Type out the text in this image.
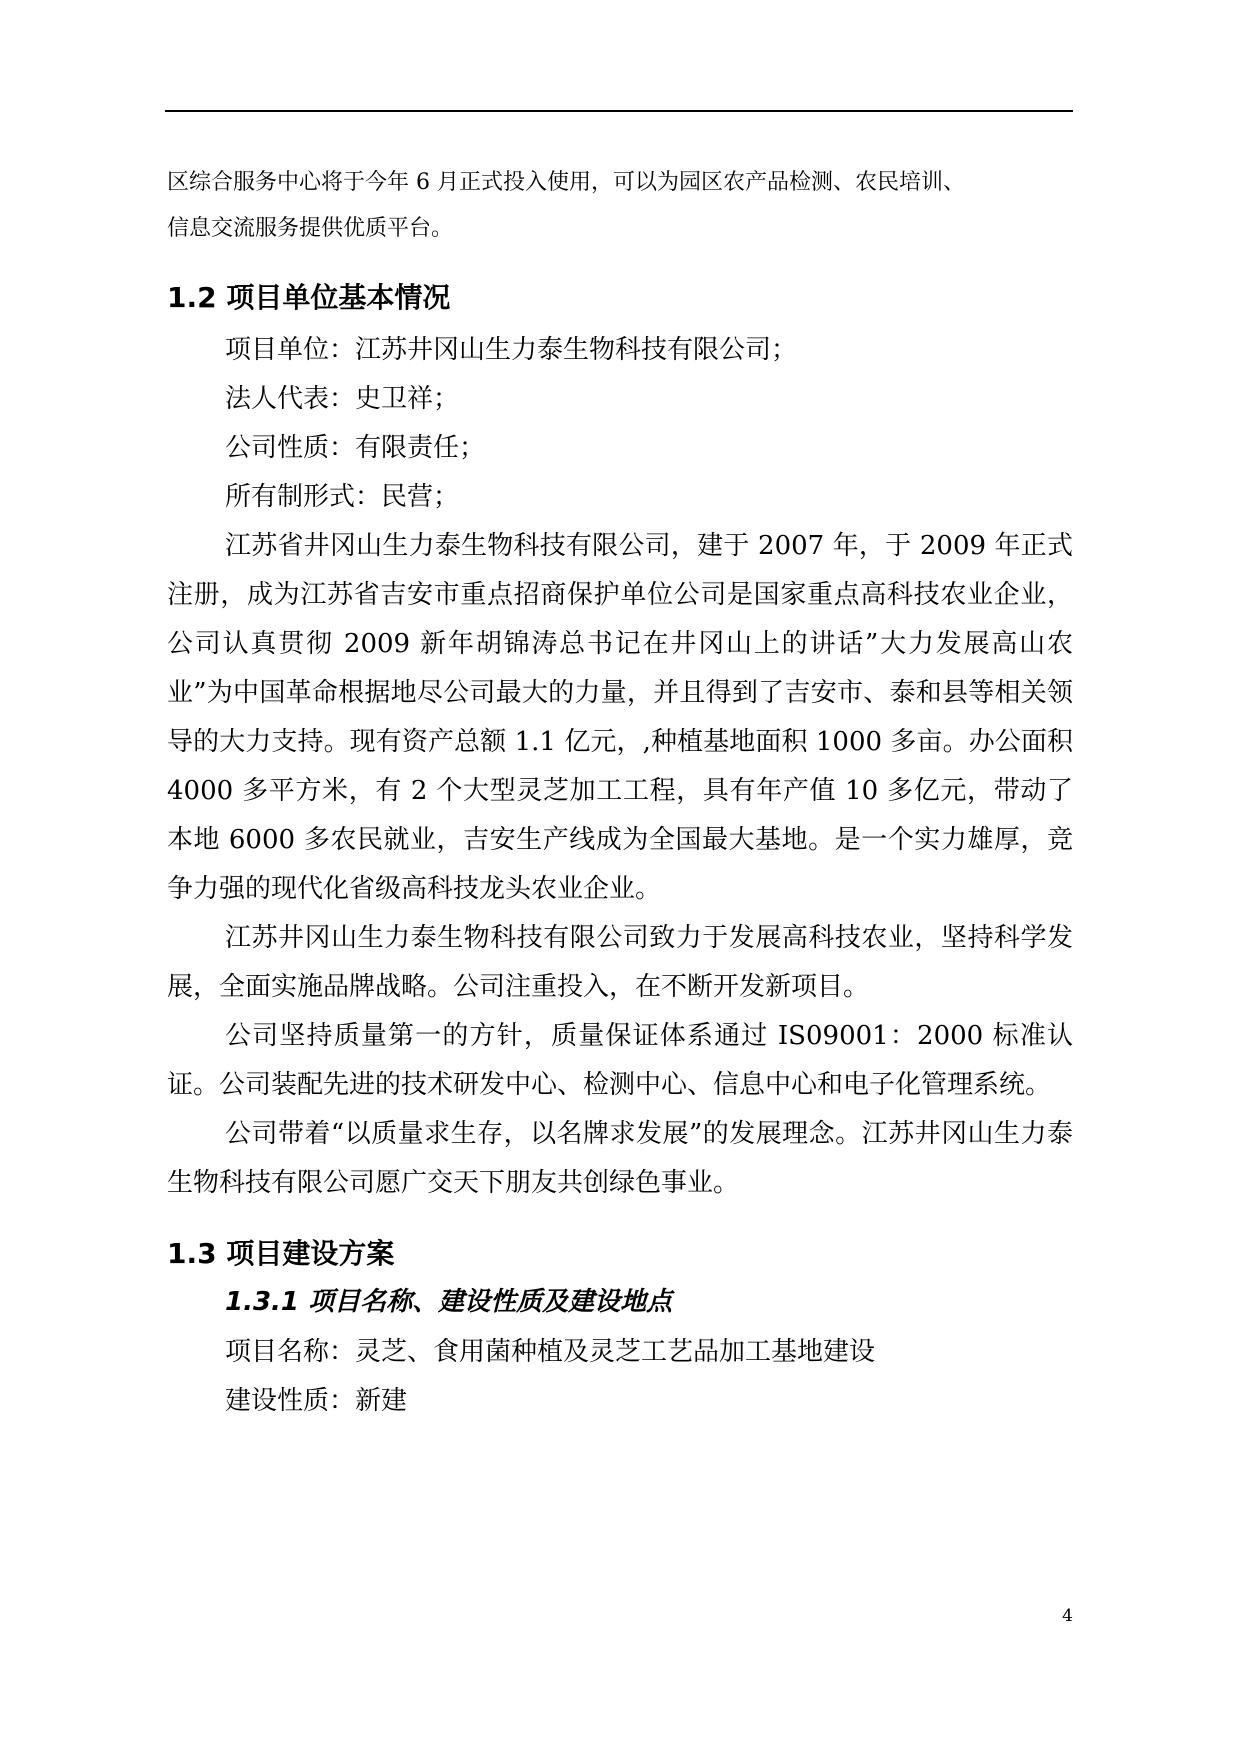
区综合服务中心将于今年 6 月正式投入使用，可以为园区农产品检测、农民培训、
信息交流服务提供优质平台。

1.2 项目单位基本情况

项目单位：江苏井冈山生力泰生物科技有限公司；

法人代表：史卫祥；

公司性质：有限责任；

所有制形式：民营；

江苏省井冈山生力泰生物科技有限公司，建于 2007 年，于 2009 年正式注册，成为江苏省吉安市重点招商保护单位公司是国家重点高科技农业企业，公司认真贯彻 2009 新年胡锦涛总书记在井冈山上的讲话”大力发展高山农业”为中国革命根据地尽公司最大的力量，并且得到了吉安市、泰和县等相关领导的大力支持。现有资产总额 1.1 亿元，,种植基地面积 1000 多亩。办公面积 4000 多平方米，有 2 个大型灵芝加工工程，具有年产值 10 多亿元，带动了本地 6000 多农民就业，吉安生产线成为全国最大基地。是一个实力雄厚，竞争力强的现代化省级高科技龙头农业企业。

江苏井冈山生力泰生物科技有限公司致力于发展高科技农业，坚持科学发展，全面实施品牌战略。公司注重投入，在不断开发新项目。

公司坚持质量第一的方针，质量保证体系通过 IS09001：2000 标准认证。公司装配先进的技术研发中心、检测中心、信息中心和电子化管理系统。

公司带着“以质量求生存，以名牌求发展”的发展理念。江苏井冈山生力泰生物科技有限公司愿广交天下朋友共创绿色事业。

1.3 项目建设方案
1.3.1 项目名称、建设性质及建设地点

项目名称：灵芝、食用菌种植及灵芝工艺品加工基地建设

建设性质：新建

4
